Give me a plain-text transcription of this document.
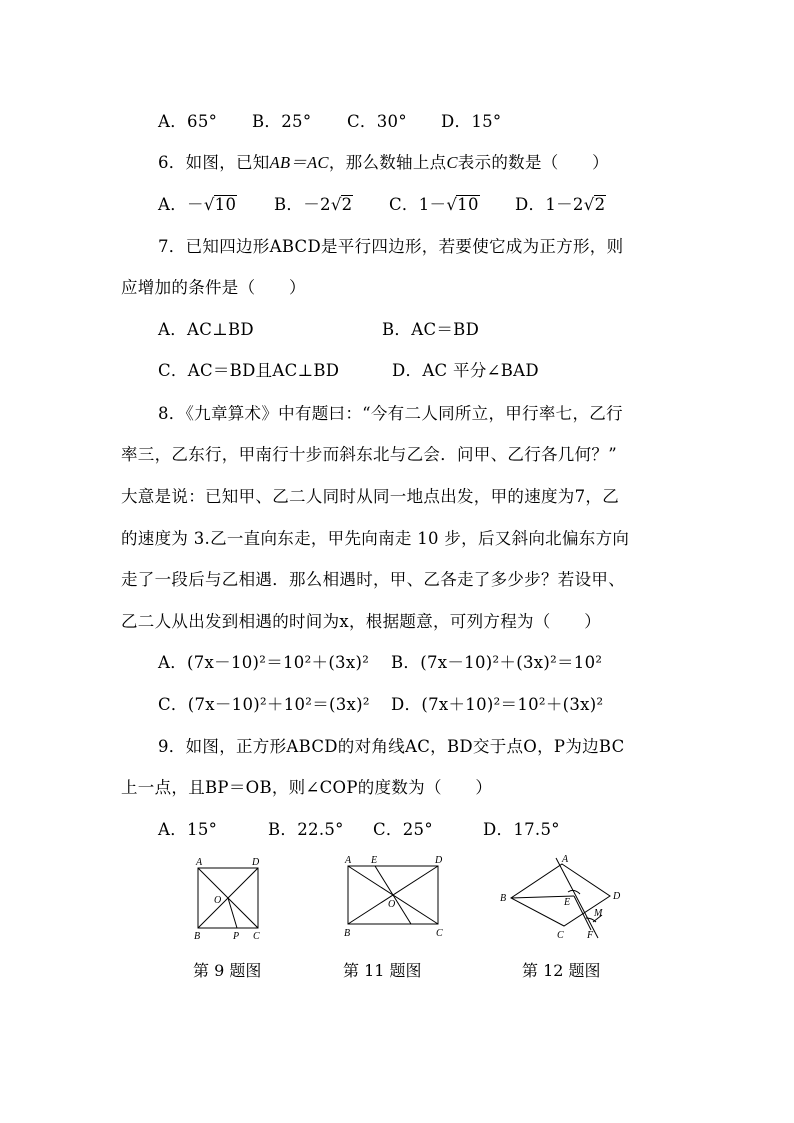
A．65° B．25° C．30° D．15°
6．如图，已知AB＝AC，那么数轴上点C表示的数是（　　）
A．－√10 B．－2√2 C．1－√10 D．1－2√2
7．已知四边形ABCD是平行四边形，若要使它成为正方形，则
应增加的条件是（　　）
A．AC⊥BD	B．AC＝BD
C．AC＝BD且AC⊥BD	D．AC 平分∠BAD
8．《九章算术》中有题曰：“今有二人同所立，甲行率七，乙行
率三，乙东行，甲南行十步而斜东北与乙会．问甲、乙行各几何？”
大意是说：已知甲、乙二人同时从同一地点出发，甲的速度为7，乙
的速度为 3.乙一直向东走，甲先向南走 10 步，后又斜向北偏东方向
走了一段后与乙相遇．那么相遇时，甲、乙各走了多少步？若设甲、
乙二人从出发到相遇的时间为x，根据题意，可列方程为（　　）
A．(7x－10)²＝10²＋(3x)² B．(7x－10)²＋(3x)²＝10²
C．(7x－10)²＋10²＝(3x)² D．(7x＋10)²＝10²＋(3x)²
9．如图，正方形ABCD的对角线AC，BD交于点O，P为边BC
上一点，且BP＝OB，则∠COP的度数为（　　）
A．15°	B．22.5° C．25°	D．17.5°
A	D
O
B	P C
A E	D
O
B	C
A
B	D
E
M
C F
第 9 题图	第 11 题图	第 12 题图
